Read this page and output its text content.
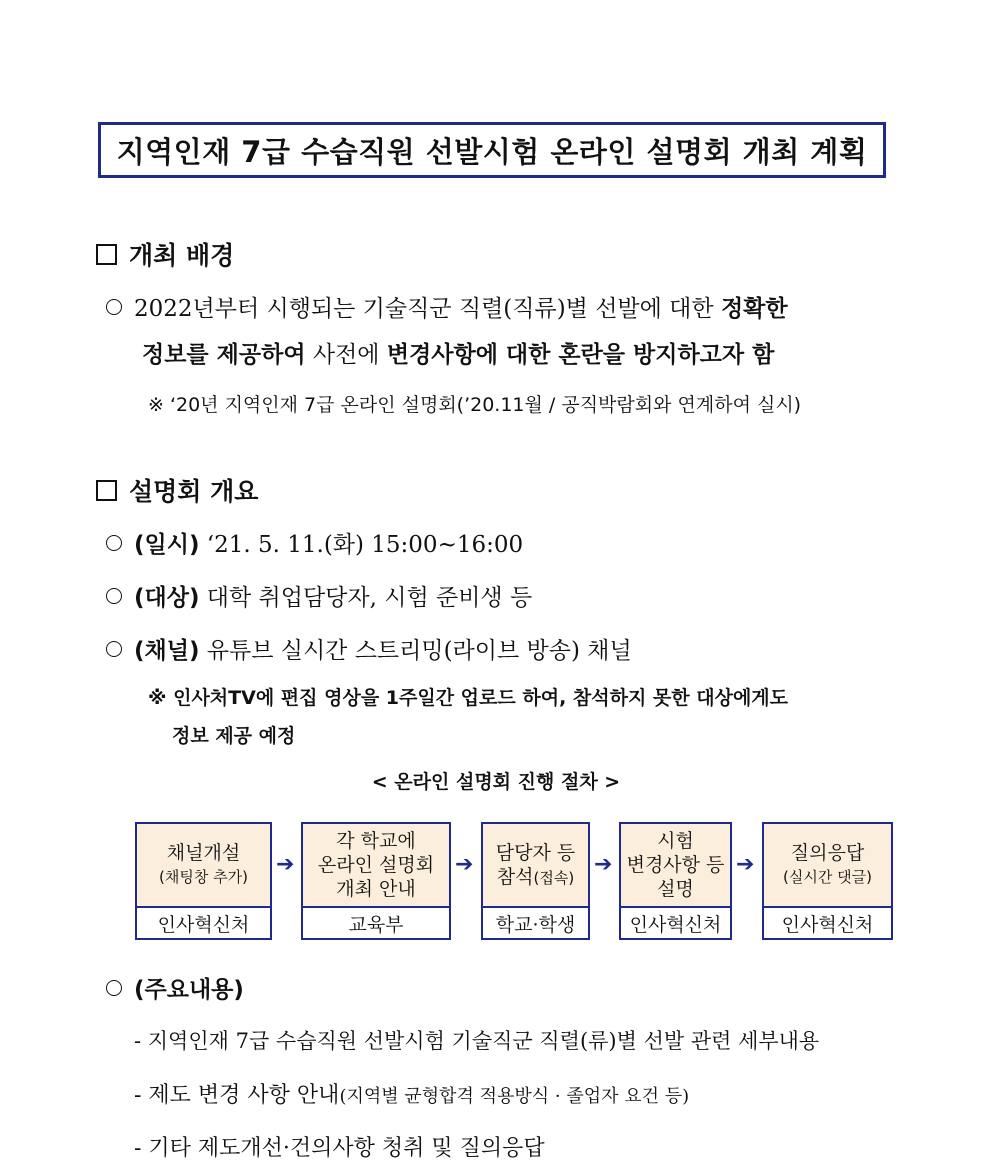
지역인재 7급 수습직원 선발시험 온라인 설명회 개최 계획
개최 배경
2022년부터 시행되는 기술직군 직렬(직류)별 선발에 대한 정확한
정보를 제공하여 사전에 변경사항에 대한 혼란을 방지하고자 함
※ ‘20년 지역인재 7급 온라인 설명회(’20.11월 / 공직박람회와 연계하여 실시)
설명회 개요
(일시) ‘21. 5. 11.(화) 15:00~16:00
(대상) 대학 취업담당자, 시험 준비생 등
(채널) 유튜브 실시간 스트리밍(라이브 방송) 채널
※ 인사처TV에 편집 영상을 1주일간 업로드 하여, 참석하지 못한 대상에게도
정보 제공 예정
< 온라인 설명회 진행 절차 >
채널개설
(채팅창 추가)
인사혁신처
➔
각 학교에
온라인 설명회
개최 안내
교육부
➔ 담당자 등
참석(접속)
학교·학생
➔
시험
변경사항 등
설명
인사혁신처
➔ 질의응답
(실시간 댓글)
인사혁신처
(주요내용)
- 지역인재 7급 수습직원 선발시험 기술직군 직렬(류)별 선발 관련 세부내용
- 제도 변경 사항 안내(지역별 균형합격 적용방식 · 졸업자 요건 등)
- 기타 제도개선·건의사항 청취 및 질의응답
